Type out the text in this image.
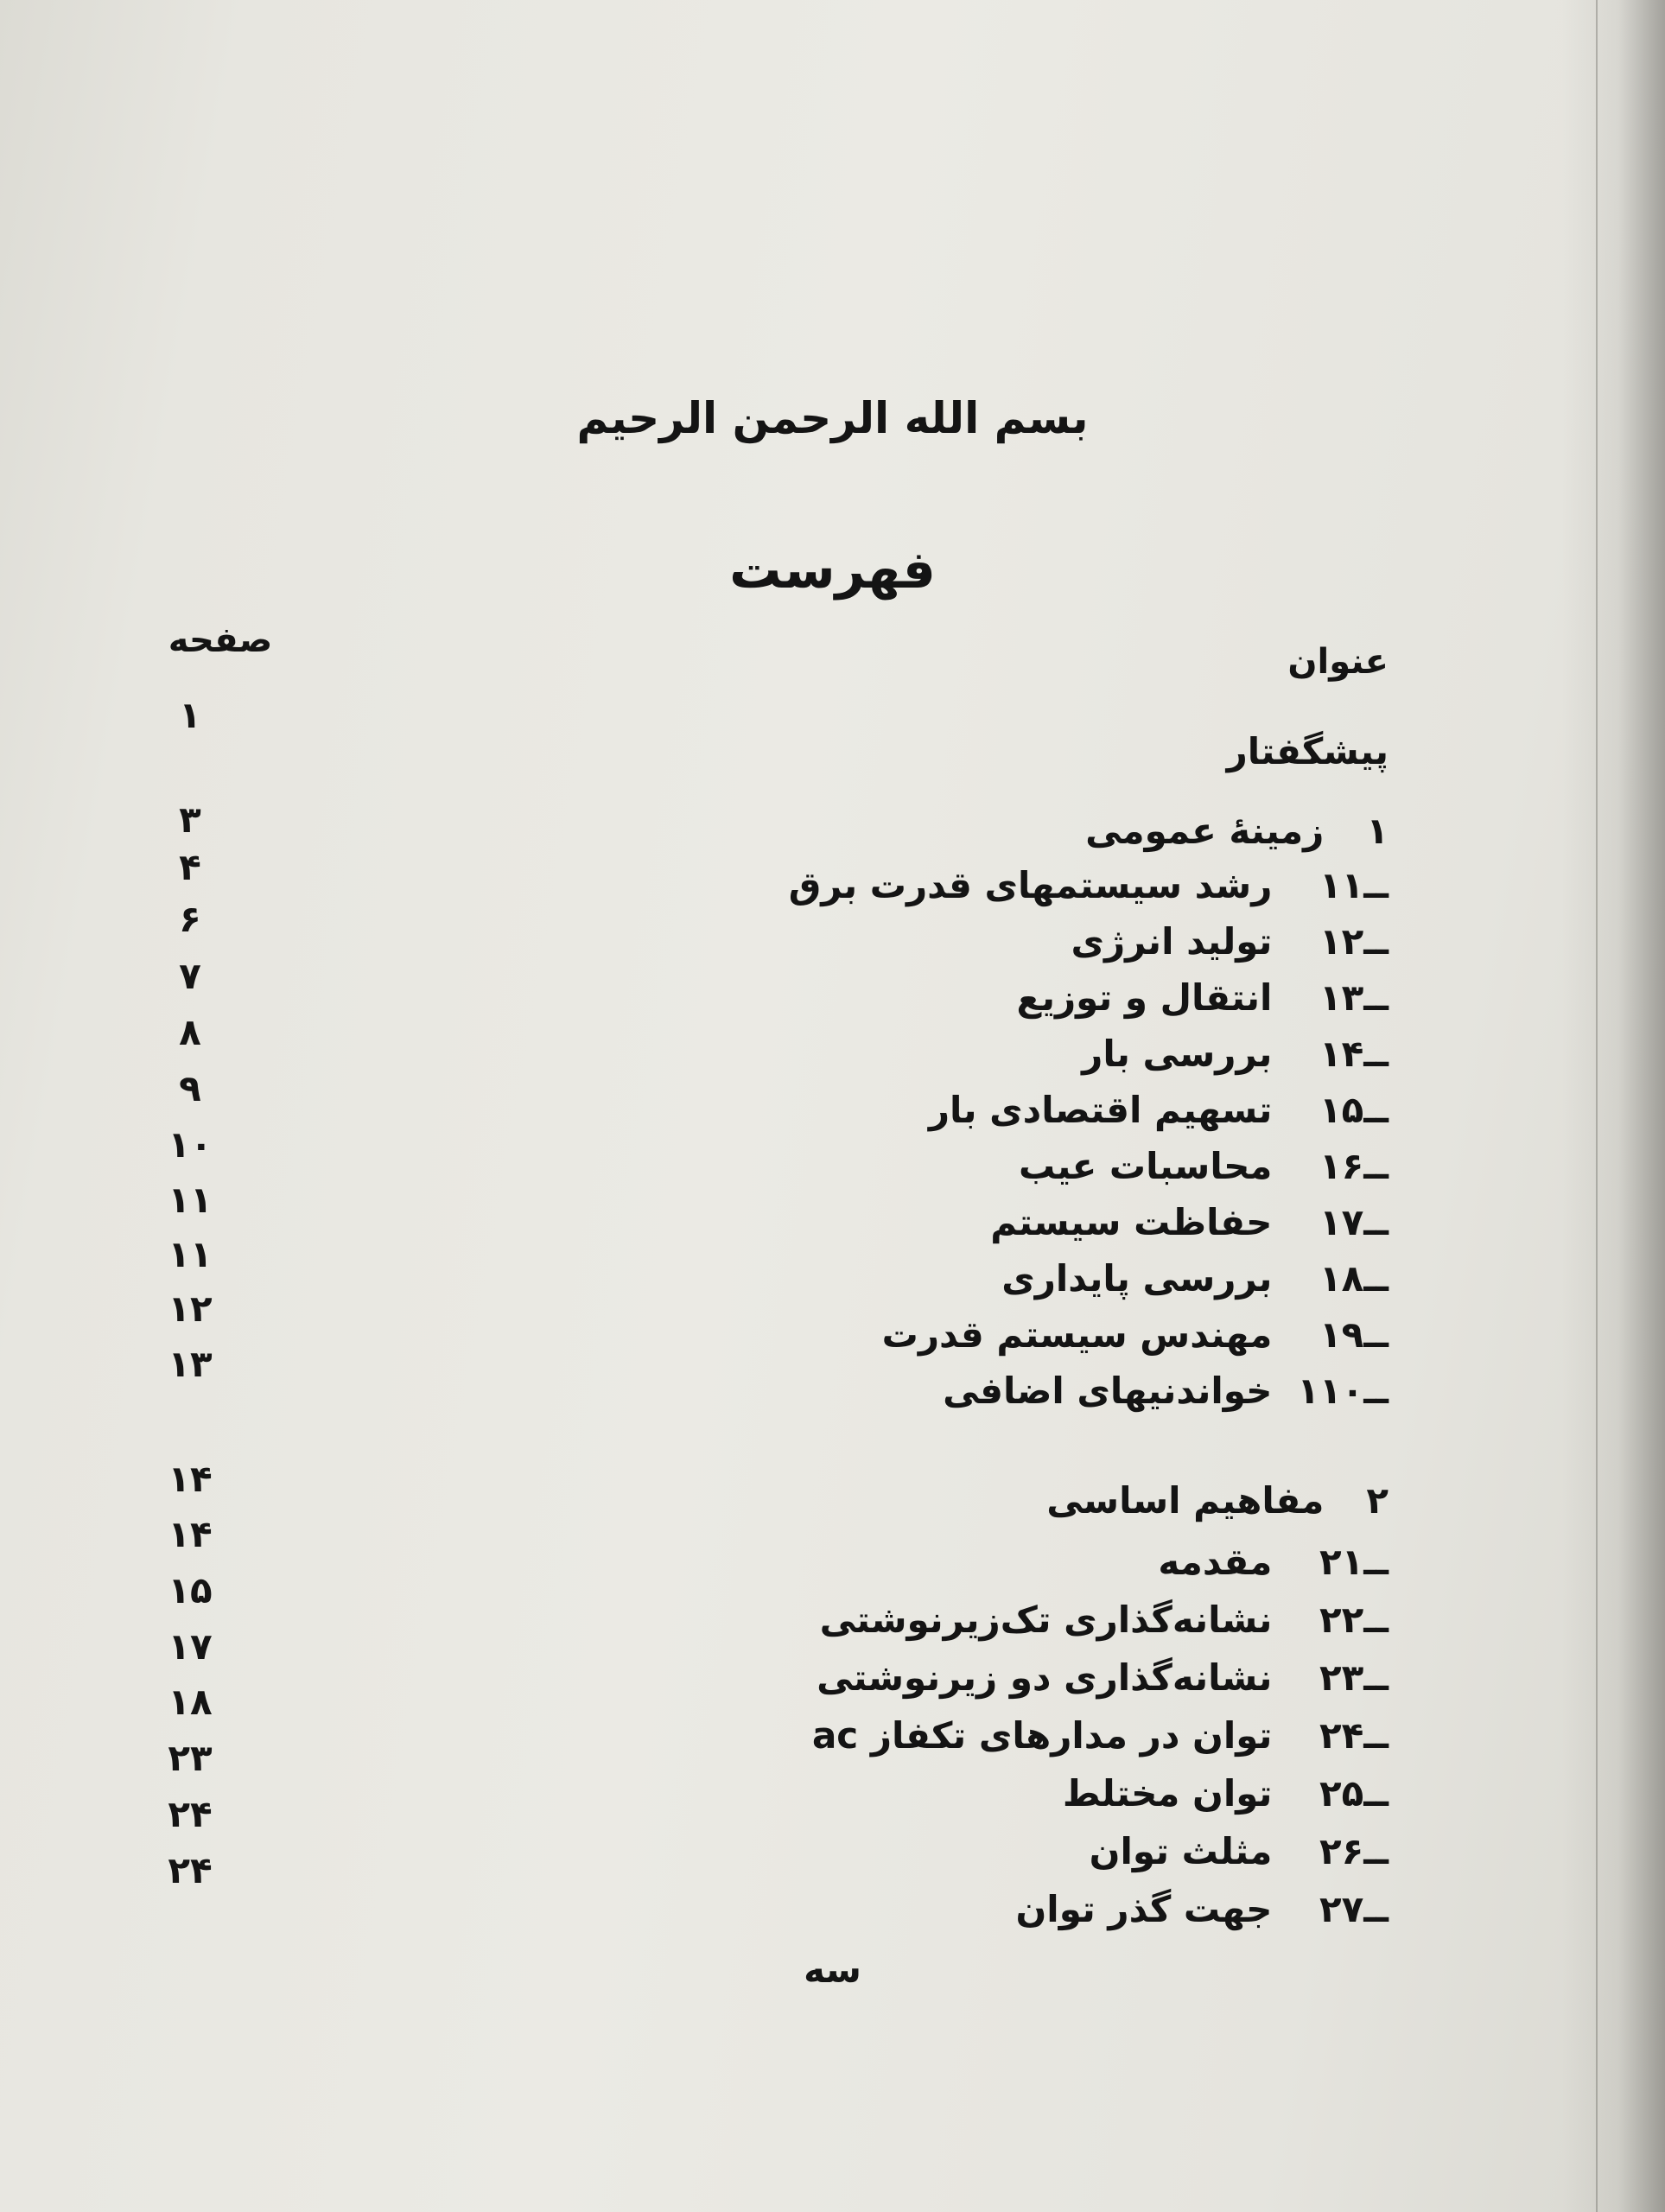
بسم الله الرحمن الرحیم
فهرست
صفحه
عنوان
پیشگفتار
۱
۱ زمینهٔ عمومی
۱ــ۱ رشد سیستمهای قدرت برق
۱ــ۲ تولید انرژی
۱ــ۳ انتقال و توزیع
۱ــ۴ بررسی بار
۱ــ۵ تسهیم اقتصادی بار
۱ــ۶ محاسبات عیب
۱ــ۷ حفاظت سیستم
۱ــ۸ بررسی پایداری
۱ــ۹ مهندس سیستم قدرت
۱ــ۱۰ خواندنیهای اضافی
۳
۴
۶
۷
۸
۹
۱۰
۱۱
۱۱
۱۲
۱۳
۲ مفاهیم اساسی
۲ــ۱ مقدمه
۲ــ۲ نشانه‌گذاری تک‌زیرنوشتی
۲ــ۳ نشانه‌گذاری دو زیرنوشتی
۲ــ۴ توان در مدارهای تکفاز ac
۲ــ۵ توان مختلط
۲ــ۶ مثلث توان
۲ــ۷ جهت گذر توان
۱۴
۱۴
۱۵
۱۷
۱۸
۲۳
۲۴
۲۴
سه
